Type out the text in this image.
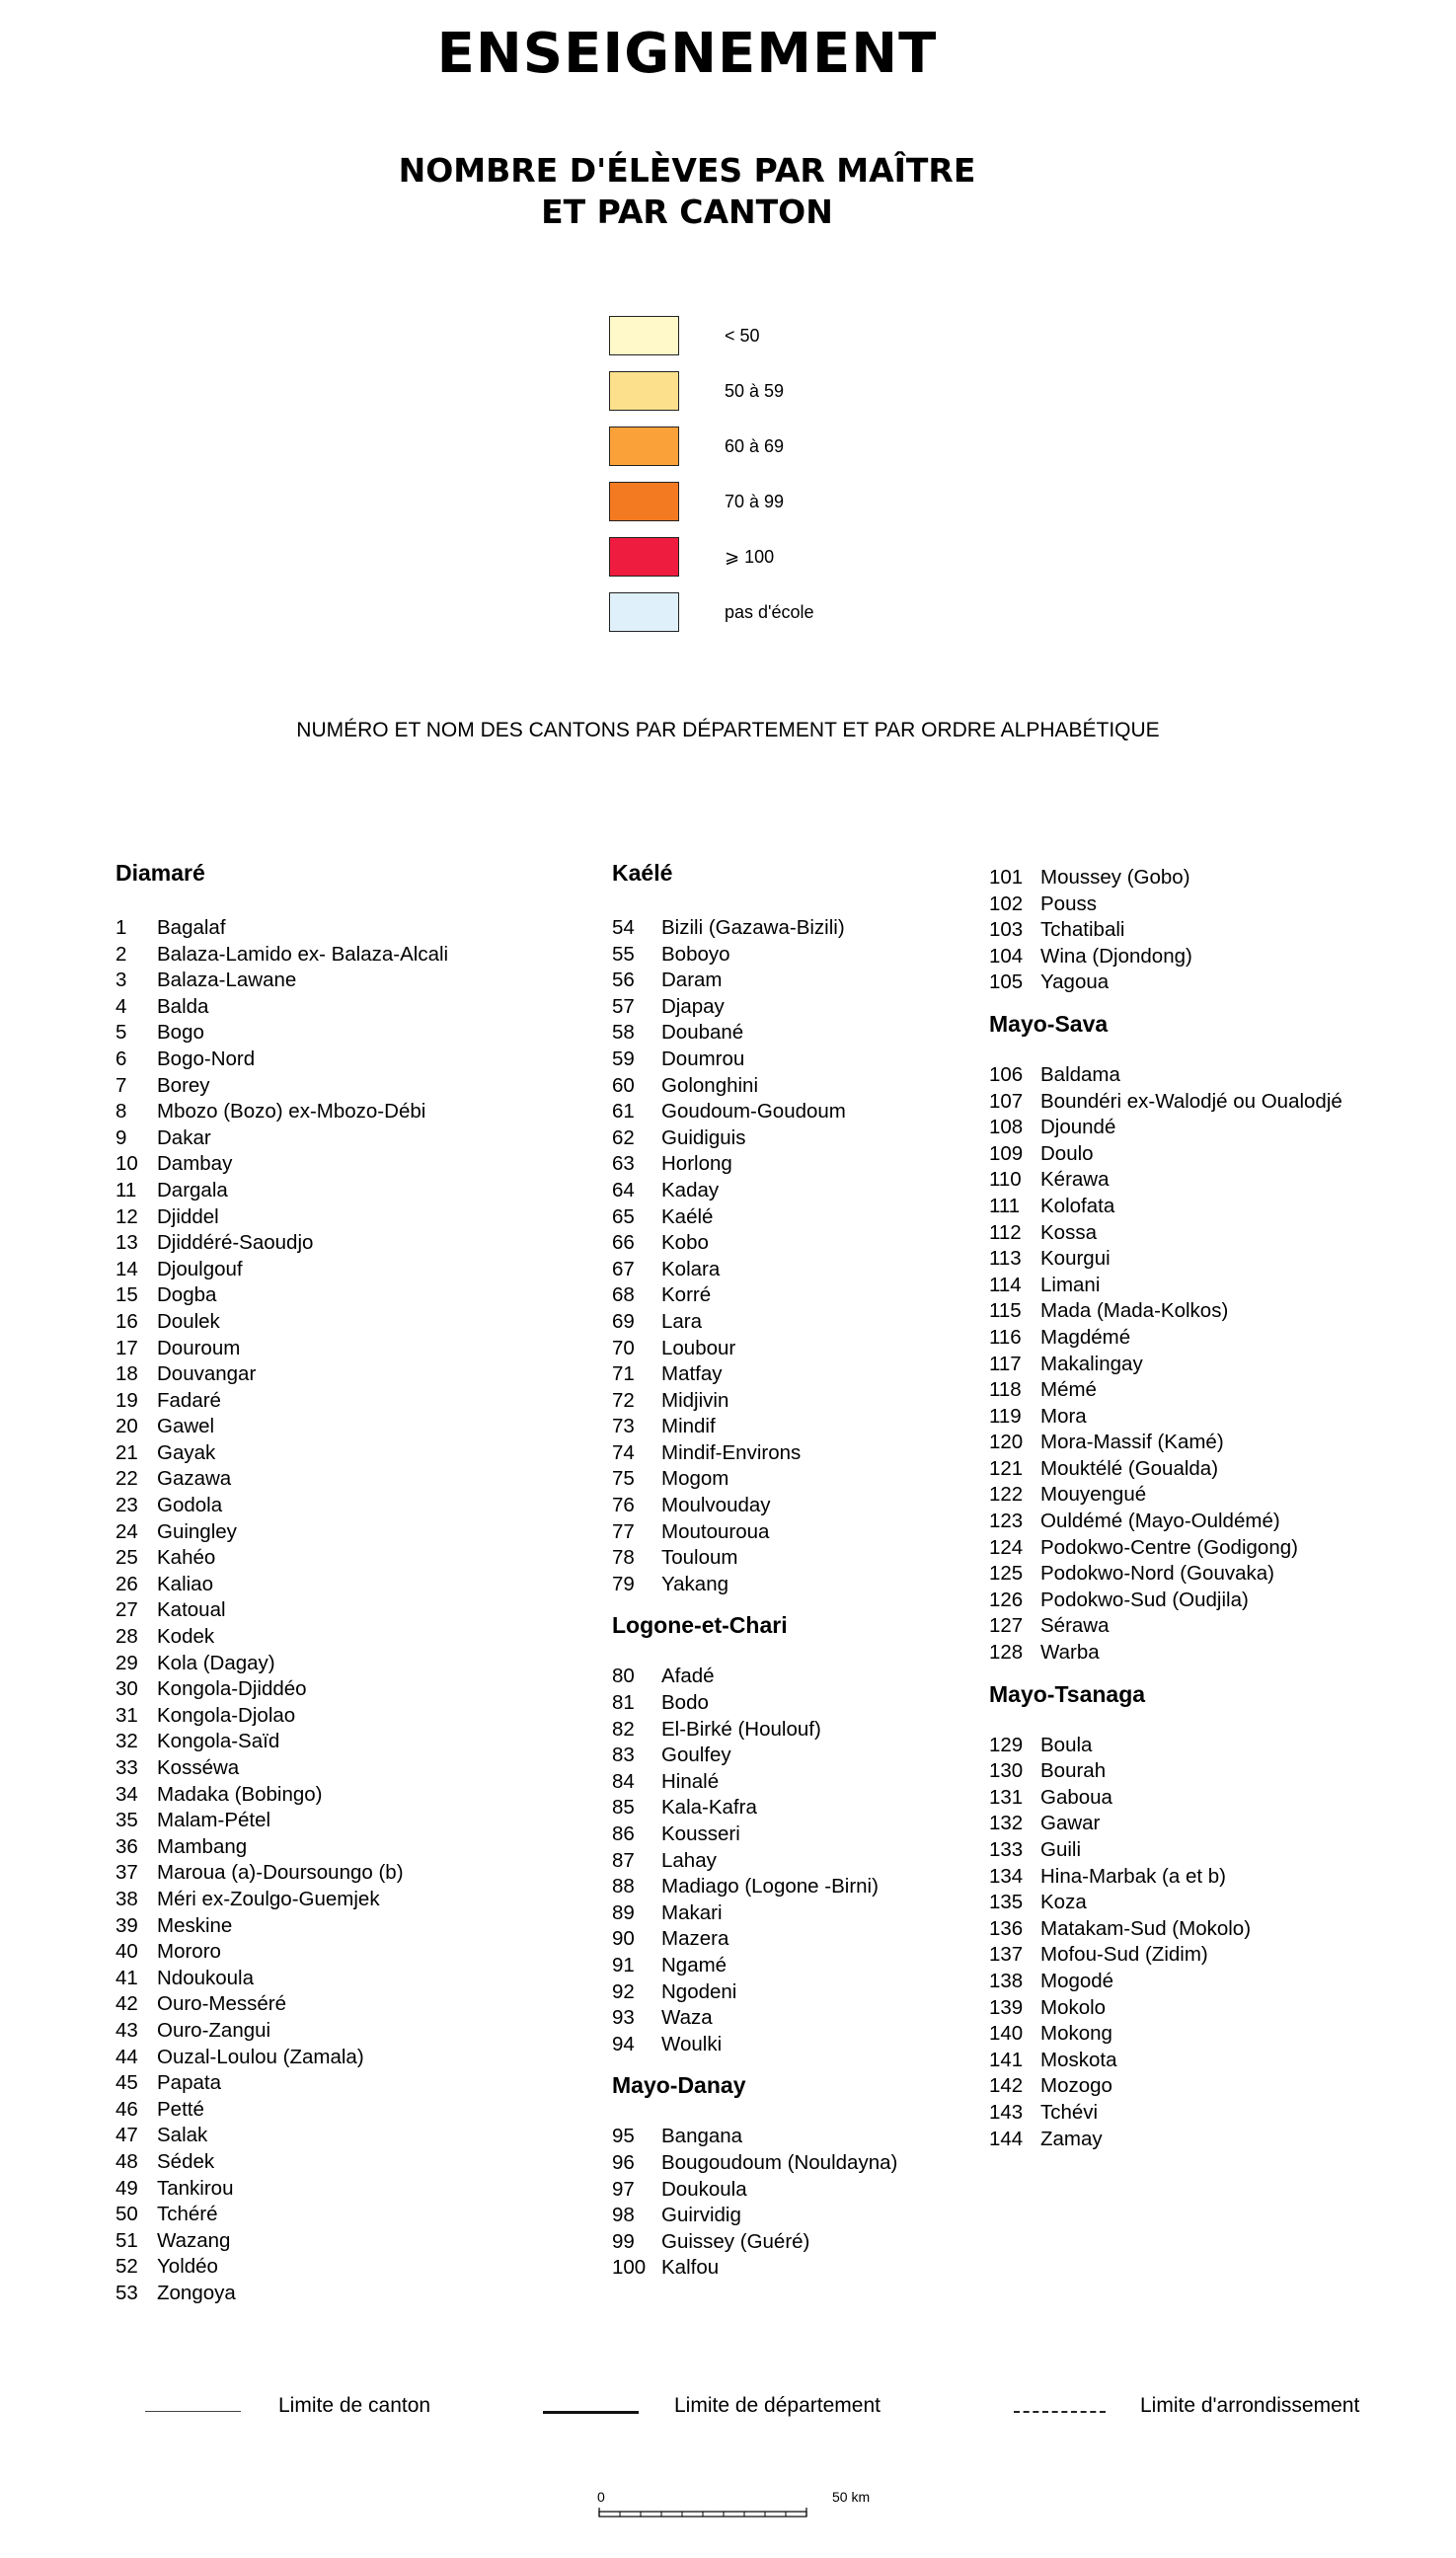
ENSEIGNEMENT
NOMBRE D'ÉLÈVES PAR MAÎTRE
ET PAR CANTON
< 50
50 à 59
60 à 69
70 à 99
⩾ 100
pas d'école
NUMÉRO ET NOM DES CANTONS PAR DÉPARTEMENT ET PAR ORDRE ALPHABÉTIQUE
Diamaré
1	Bagalaf
2	Balaza-Lamido ex- Balaza-Alcali
3	Balaza-Lawane
4	Balda
5	Bogo
6	Bogo-Nord
7	Borey
8	Mbozo (Bozo) ex-Mbozo-Débi
9	Dakar
10 Dambay
11	Dargala
12 Djiddel
13 Djiddéré-Saoudjo
14 Djoulgouf
15 Dogba
16 Doulek
17 Douroum
18 Douvangar
19 Fadaré
20 Gawel
21 Gayak
22 Gazawa
23 Godola
24 Guingley
25 Kahéo
26 Kaliao
27 Katoual
28 Kodek
29 Kola (Dagay)
30 Kongola-Djiddéo
31 Kongola-Djolao
32 Kongola-Saïd
33 Kosséwa
34 Madaka (Bobingo)
35 Malam-Pétel
36 Mambang
37 Maroua (a)-Doursoungo (b)
38 Méri ex-Zoulgo-Guemjek
39 Meskine
40 Mororo
41 Ndoukoula
42 Ouro-Messéré
43 Ouro-Zangui
44 Ouzal-Loulou (Zamala)
45 Papata
46 Petté
47 Salak
48 Sédek
49 Tankirou
50 Tchéré
51 Wazang
52 Yoldéo
53 Zongoya
Kaélé
54	Bizili (Gazawa-Bizili)
55	Boboyo
56	Daram
57	Djapay
58	Doubané
59	Doumrou
60	Golonghini
61	Goudoum-Goudoum
62	Guidiguis
63	Horlong
64	Kaday
65	Kaélé
66	Kobo
67	Kolara
68	Korré
69	Lara
70	Loubour
71	Matfay
72	Midjivin
73	Mindif
74	Mindif-Environs
75	Mogom
76	Moulvouday
77	Moutouroua
78	Touloum
79	Yakang
Logone-et-Chari
80	Afadé
81	Bodo
82	El-Birké (Houlouf)
83	Goulfey
84	Hinalé
85	Kala-Kafra
86	Kousseri
87	Lahay
88	Madiago (Logone -Birni)
89	Makari
90	Mazera
91	Ngamé
92	Ngodeni
93	Waza
94	Woulki
Mayo-Danay
95	Bangana
96	Bougoudoum (Nouldayna)
97	Doukoula
98	Guirvidig
99	Guissey (Guéré)
100 Kalfou
101 Moussey (Gobo)
102 Pouss
103 Tchatibali
104 Wina (Djondong)
105 Yagoua
Mayo-Sava
106 Baldama
107 Boundéri ex-Walodjé ou Oualodjé
108 Djoundé
109 Doulo
110 Kérawa
111	Kolofata
112 Kossa
113 Kourgui
114 Limani
115 Mada (Mada-Kolkos)
116 Magdémé
117 Makalingay
118 Mémé
119 Mora
120 Mora-Massif (Kamé)
121 Mouktélé (Goualda)
122 Mouyengué
123 Ouldémé (Mayo-Ouldémé)
124 Podokwo-Centre (Godigong)
125 Podokwo-Nord (Gouvaka)
126 Podokwo-Sud (Oudjila)
127 Sérawa
128 Warba
Mayo-Tsanaga
129 Boula
130 Bourah
131 Gaboua
132 Gawar
133 Guili
134 Hina-Marbak (a et b)
135 Koza
136 Matakam-Sud (Mokolo)
137 Mofou-Sud (Zidim)
138 Mogodé
139 Mokolo
140 Mokong
141 Moskota
142 Mozogo
143 Tchévi
144 Zamay
Limite de canton	Limite de département	Limite d'arrondissement
0	50 km
